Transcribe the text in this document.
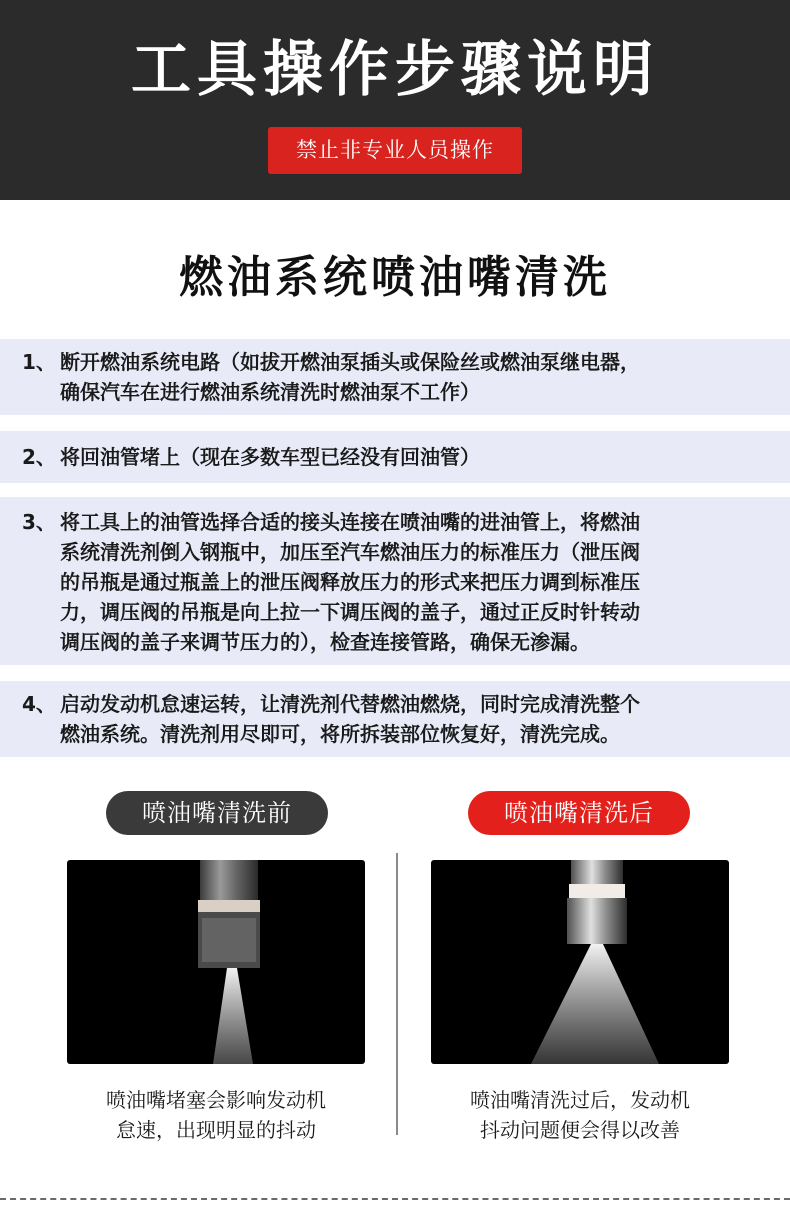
工具操作步骤说明
禁止非专业人员操作
燃油系统喷油嘴清洗
1、 断开燃油系统电路（如拔开燃油泵插头或保险丝或燃油泵继电器，
确保汽车在进行燃油系统清洗时燃油泵不工作）
2、 将回油管堵上（现在多数车型已经没有回油管）
3、 将工具上的油管选择合适的接头连接在喷油嘴的进油管上，将燃油
系统清洗剂倒入钢瓶中，加压至汽车燃油压力的标准压力（泄压阀
的吊瓶是通过瓶盖上的泄压阀释放压力的形式来把压力调到标准压
力，调压阀的吊瓶是向上拉一下调压阀的盖子，通过正反时针转动
调压阀的盖子来调节压力的），检查连接管路，确保无渗漏。
4、 启动发动机怠速运转，让清洗剂代替燃油燃烧，同时完成清洗整个
燃油系统。清洗剂用尽即可，将所拆装部位恢复好，清洗完成。
喷油嘴清洗前	喷油嘴清洗后
喷油嘴堵塞会影响发动机
怠速，出现明显的抖动
喷油嘴清洗过后，发动机
抖动问题便会得以改善
